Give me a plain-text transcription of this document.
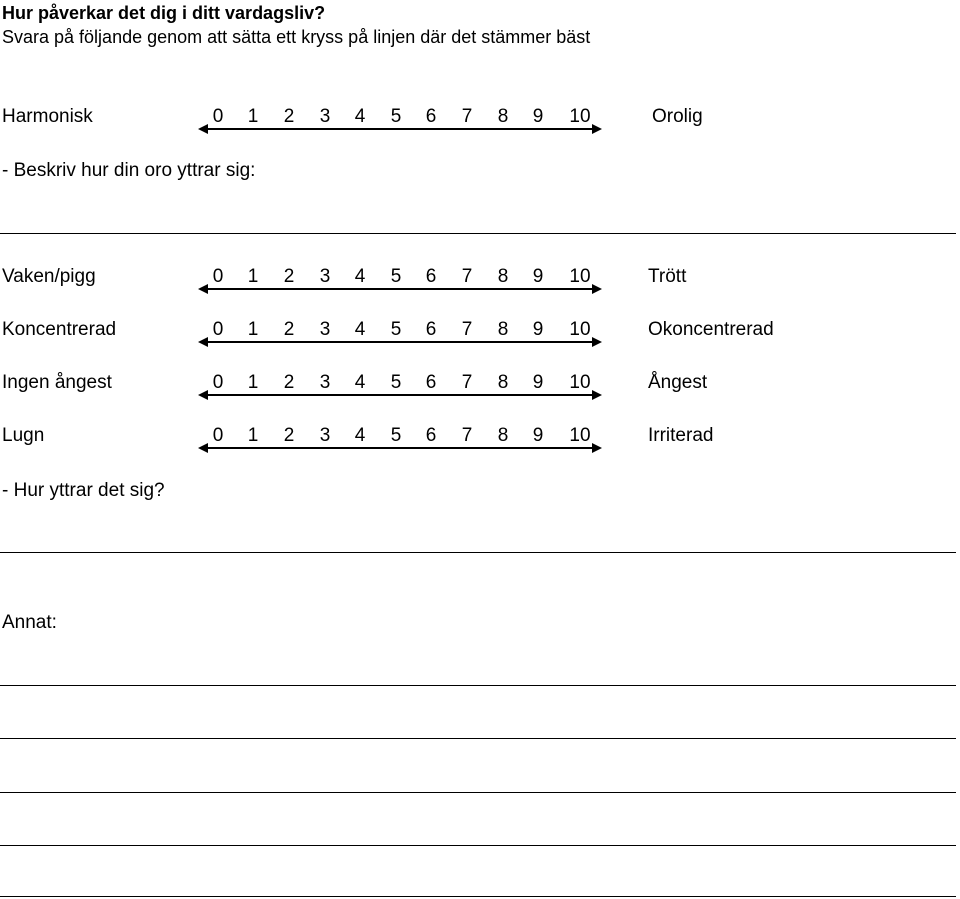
Hur påverkar det dig i ditt vardagsliv?
Svara på följande genom att sätta ett kryss på linjen där det stämmer bäst
Harmonisk	0 1 2 3 4 5 6 7 8 9 10	Orolig
- Beskriv hur din oro yttrar sig:
Vaken/pigg	0 1 2 3 4 5 6 7 8 9 10	Trött
Koncentrerad	0 1 2 3 4 5 6 7 8 9 10	Okoncentrerad
Ingen ångest	0 1 2 3 4 5 6 7 8 9 10	Ångest
Lugn	0 1 2 3 4 5 6 7 8 9 10	Irriterad
- Hur yttrar det sig?
Annat:
